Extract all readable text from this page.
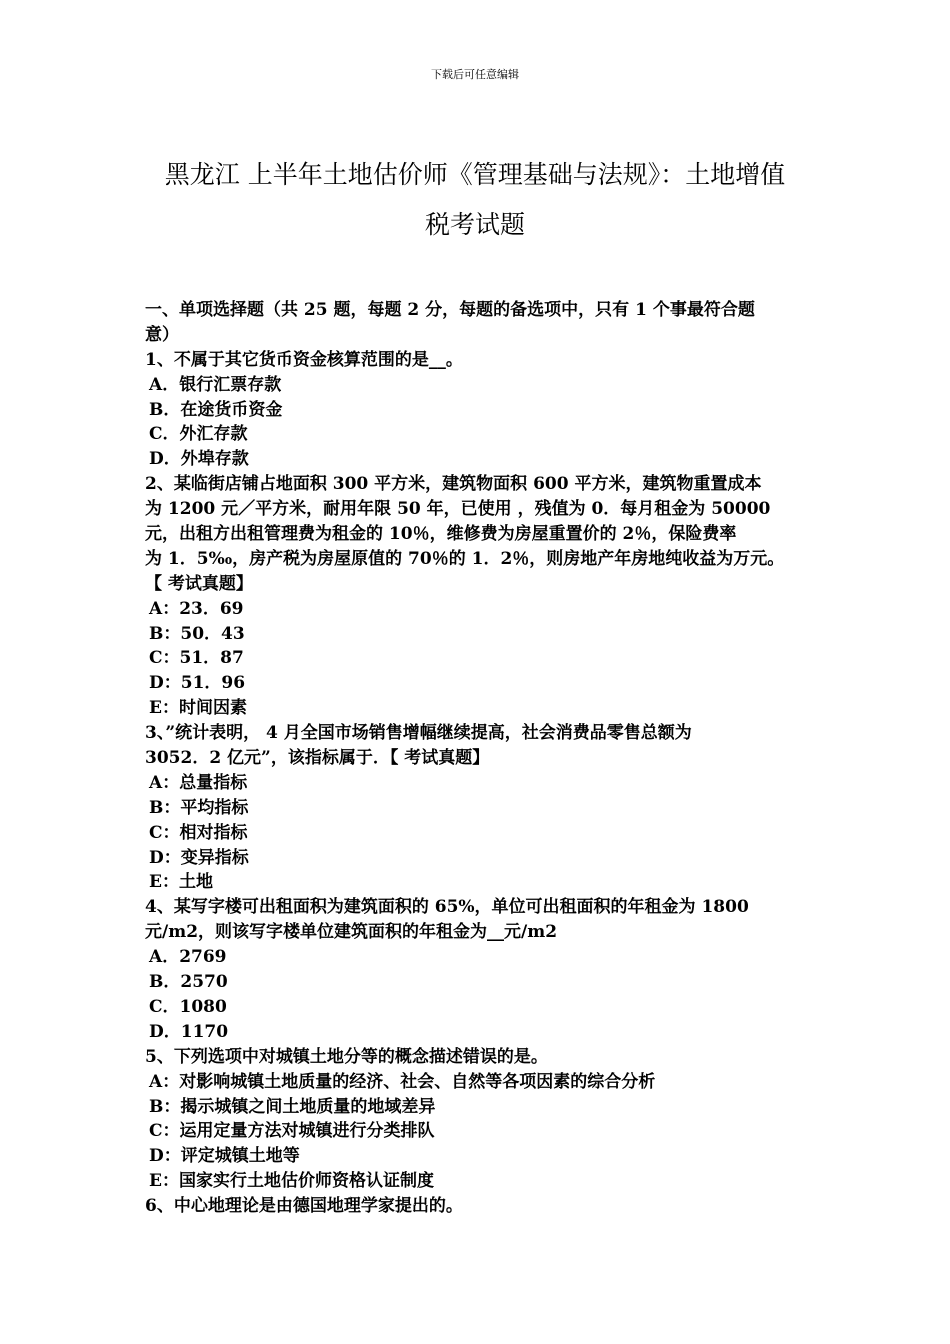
下载后可任意编辑
黑龙江 上半年土地估价师《管理基础与法规》：土地增值
税考试题
一、单项选择题（共 25 题，每题 2 分，每题的备选项中，只有 1 个事最符合题
意）
1、不属于其它货币资金核算范围的是__。
A．银行汇票存款
B．在途货币资金
C．外汇存款
D．外埠存款
2、某临街店铺占地面积 300 平方米，建筑物面积 600 平方米，建筑物重置成本
为 1200 元／平方米，耐用年限 50 年，已使用 ，残值为 0．每月租金为 50000
元，出租方出租管理费为租金的 10％，维修费为房屋重置价的 2％，保险费率
为 1．5‰，房产税为房屋原值的 70％的 1．2％，则房地产年房地纯收益为万元。
【 考试真题】
A：23．69
B：50．43
C：51．87
D：51．96
E：时间因素
3、”统计表明， 4 月全国市场销售增幅继续提高，社会消费品零售总额为
3052．2 亿元”，该指标属于．【 考试真题】
A：总量指标
B：平均指标
C：相对指标
D：变异指标
E：土地
4、某写字楼可出租面积为建筑面积的 65%，单位可出租面积的年租金为 1800
元/m2，则该写字楼单位建筑面积的年租金为__元/m2
A．2769
B．2570
C．1080
D．1170
5、下列选项中对城镇土地分等的概念描述错误的是。
A：对影响城镇土地质量的经济、社会、自然等各项因素的综合分析
B：揭示城镇之间土地质量的地域差异
C：运用定量方法对城镇进行分类排队
D：评定城镇土地等
E：国家实行土地估价师资格认证制度
6、中心地理论是由德国地理学家提出的。
